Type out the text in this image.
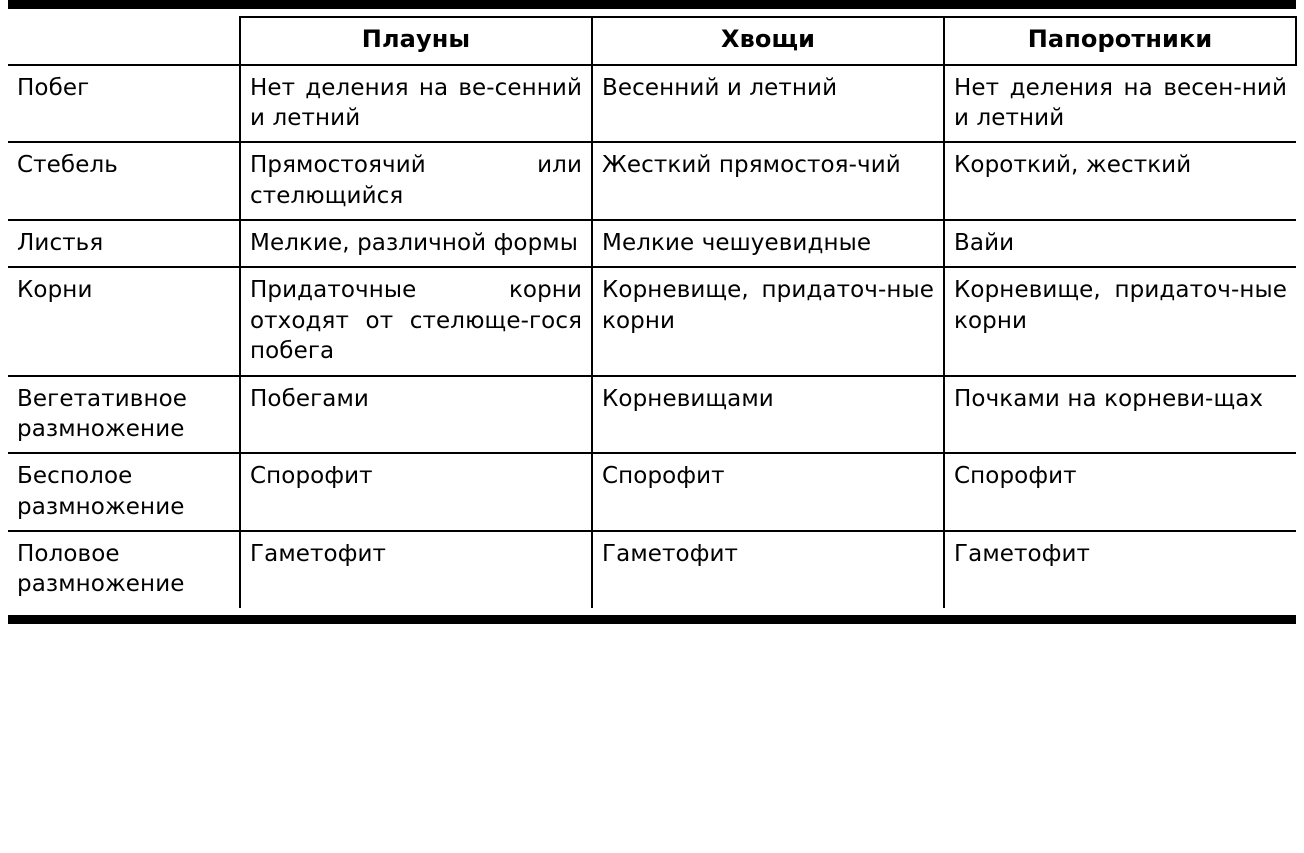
	Плауны	Хвощи	Папоротники
Побег	Нет деления на ве-сенний и летний	Весенний и летний	Нет деления на весен-ний и летний
Стебель	Прямостоячий или стелющийся	Жесткий прямостоя-чий	Короткий, жесткий
Листья	Мелкие, различной формы	Мелкие чешуевидные	Вайи
Корни	Придаточные корни отходят от стелюще-гося побега	Корневище, придаточ-ные корни	Корневище, придаточ-ные корни
Вегетативное размножение	Побегами	Корневищами	Почками на корневи-щах
Бесполое размножение	Спорофит	Спорофит	Спорофит
Половое размножение	Гаметофит	Гаметофит	Гаметофит
